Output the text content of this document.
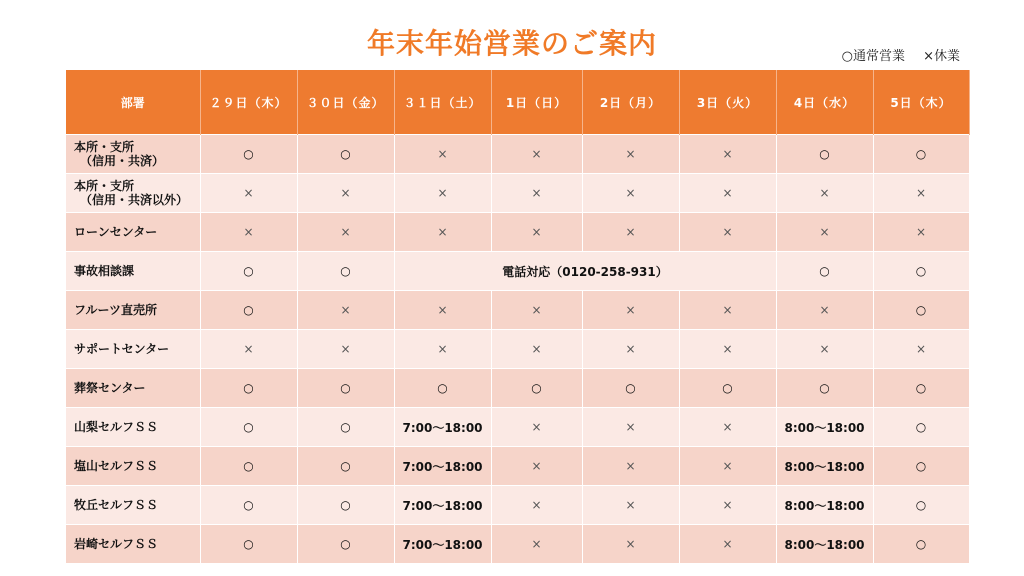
年末年始営業のご案内	○通常営業 ×休業
部署	２９日（木）	３０日（金）	３１日（土）	1日（日）	2日（月）	3日（火）	4日（水）	5日（木）
本所・支所

（信用・共済）	○	○	×	×	×	×	○	○
本所・支所

（信用・共済以外）	×	×	×	×	×	×	×	×
ローンセンター	×	×	×	×	×	×	×	×
事故相談課	○	○	電話対応（0120-258-931）				○	○
フルーツ直売所	○	×	×	×	×	×	×	○
サポートセンター	×	×	×	×	×	×	×	×
葬祭センター	○	○	○	○	○	○	○	○
山梨セルフＳＳ	○	○	7:00～18:00	×	×	×	8:00～18:00	○
塩山セルフＳＳ	○	○	7:00～18:00	×	×	×	8:00～18:00	○
牧丘セルフＳＳ	○	○	7:00～18:00	×	×	×	8:00～18:00	○
岩崎セルフＳＳ	○	○	7:00～18:00	×	×	×	8:00～18:00	○
